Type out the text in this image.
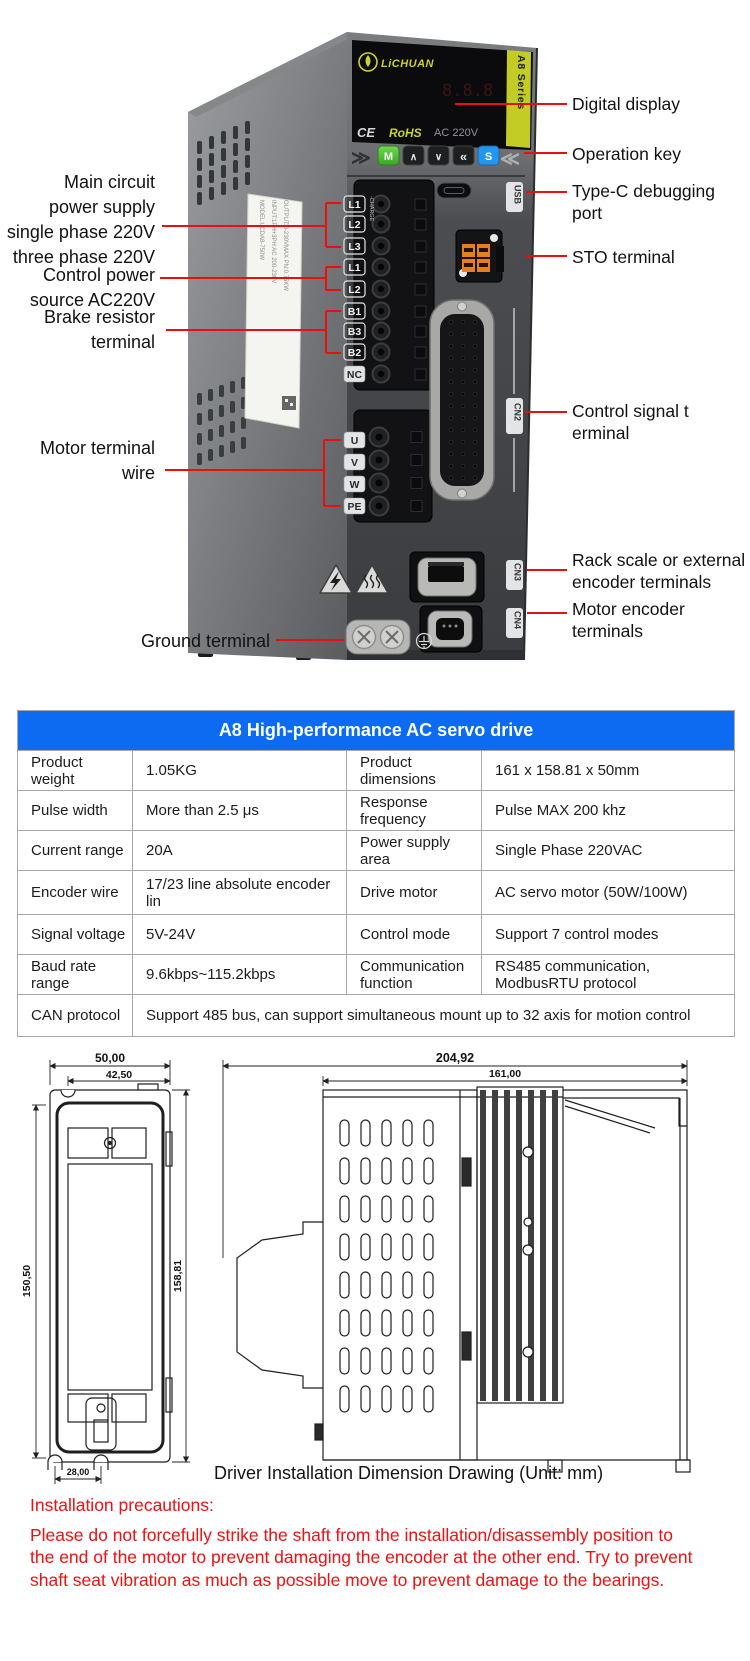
MODEL:LCDA8-750W INPUT:1PH+3PH AC 200-230V OUTPUT:0-230VMAX PN:0.75KW
LiCHUAN
8.8.8 A8 Series
CE RoHS AC 220V
≫ M ∧ ∨ « S ≪
L1
L2
L3
L1
L2
B1
B3
B2
NC
U
V
W
PE
-CHARGE
USB
CN2
CN3
CN4
Main circuit
power supply
single phase 220V
three phase 220V
Control power
source AC220V
Brake resistor
terminal
Motor terminal
wire
Ground terminal
Digital display
Operation key
Type-C debugging
port
STO terminal
Control signal t
erminal
Rack scale or external
encoder terminals
Motor encoder
terminals
A8 High-performance AC servo drive			
Product weight	1.05KG	Product dimensions	161 x 158.81 x 50mm
Pulse width	More than 2.5 μs	Response frequency	Pulse MAX 200 khz
Current range	20A	Power supply area	Single Phase 220VAC
Encoder wire	17/23 line absolute encoder lin	Drive motor	AC servo motor (50W/100W)
Signal voltage	5V-24V	Control mode	Support 7 control modes
Baud rate range	9.6kbps~115.2kbps	Communication function	RS485 communication, ModbusRTU protocol
CAN protocol	Support 485 bus, can support simultaneous mount up to 32 axis for motion control		
50,00
42,50
150,50	158,81
28,00
204,92
161,00
Driver Installation Dimension Drawing (Unit: mm)
Installation precautions:
Please do not forcefully strike the shaft from the installation/disassembly position to
the end of the motor to prevent damaging the encoder at the other end. Try to prevent
shaft seat vibration as much as possible move to prevent damage to the bearings.
